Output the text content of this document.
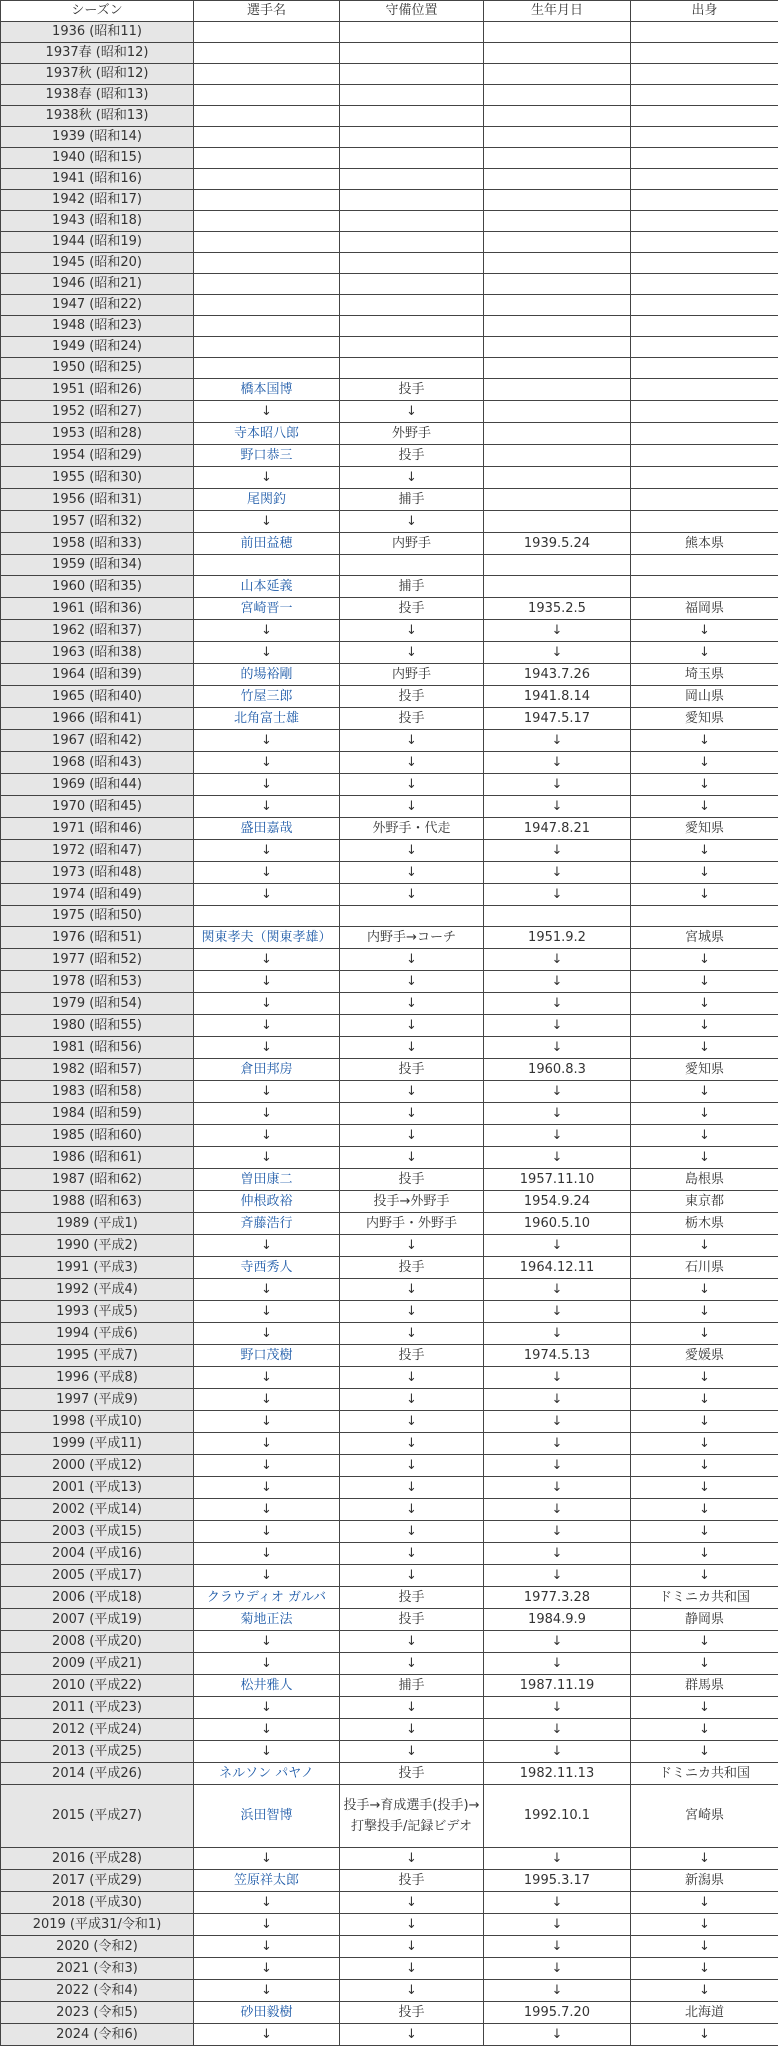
シーズン	選手名	守備位置	生年月日	出身
1936 (昭和11)				
1937春 (昭和12)				
1937秋 (昭和12)				
1938春 (昭和13)				
1938秋 (昭和13)				
1939 (昭和14)				
1940 (昭和15)				
1941 (昭和16)				
1942 (昭和17)				
1943 (昭和18)				
1944 (昭和19)				
1945 (昭和20)				
1946 (昭和21)				
1947 (昭和22)				
1948 (昭和23)				
1949 (昭和24)				
1950 (昭和25)				
1951 (昭和26)	橋本国博	投手		
1952 (昭和27)	↓	↓		
1953 (昭和28)	寺本昭八郎	外野手		
1954 (昭和29)	野口恭三	投手		
1955 (昭和30)	↓	↓		
1956 (昭和31)	尾関釣	捕手		
1957 (昭和32)	↓	↓		
1958 (昭和33)	前田益穂	内野手	1939.5.24	熊本県
1959 (昭和34)				
1960 (昭和35)	山本延義	捕手		
1961 (昭和36)	宮崎晋一	投手	1935.2.5	福岡県
1962 (昭和37)	↓	↓	↓	↓
1963 (昭和38)	↓	↓	↓	↓
1964 (昭和39)	的場裕剛	内野手	1943.7.26	埼玉県
1965 (昭和40)	竹屋三郎	投手	1941.8.14	岡山県
1966 (昭和41)	北角富士雄	投手	1947.5.17	愛知県
1967 (昭和42)	↓	↓	↓	↓
1968 (昭和43)	↓	↓	↓	↓
1969 (昭和44)	↓	↓	↓	↓
1970 (昭和45)	↓	↓	↓	↓
1971 (昭和46)	盛田嘉哉	外野手・代走	1947.8.21	愛知県
1972 (昭和47)	↓	↓	↓	↓
1973 (昭和48)	↓	↓	↓	↓
1974 (昭和49)	↓	↓	↓	↓
1975 (昭和50)				
1976 (昭和51)	関東孝夫（関東孝雄）	内野手→コーチ	1951.9.2	宮城県
1977 (昭和52)	↓	↓	↓	↓
1978 (昭和53)	↓	↓	↓	↓
1979 (昭和54)	↓	↓	↓	↓
1980 (昭和55)	↓	↓	↓	↓
1981 (昭和56)	↓	↓	↓	↓
1982 (昭和57)	倉田邦房	投手	1960.8.3	愛知県
1983 (昭和58)	↓	↓	↓	↓
1984 (昭和59)	↓	↓	↓	↓
1985 (昭和60)	↓	↓	↓	↓
1986 (昭和61)	↓	↓	↓	↓
1987 (昭和62)	曽田康二	投手	1957.11.10	島根県
1988 (昭和63)	仲根政裕	投手→外野手	1954.9.24	東京都
1989 (平成1)	斉藤浩行	内野手・外野手	1960.5.10	栃木県
1990 (平成2)	↓	↓	↓	↓
1991 (平成3)	寺西秀人	投手	1964.12.11	石川県
1992 (平成4)	↓	↓	↓	↓
1993 (平成5)	↓	↓	↓	↓
1994 (平成6)	↓	↓	↓	↓
1995 (平成7)	野口茂樹	投手	1974.5.13	愛媛県
1996 (平成8)	↓	↓	↓	↓
1997 (平成9)	↓	↓	↓	↓
1998 (平成10)	↓	↓	↓	↓
1999 (平成11)	↓	↓	↓	↓
2000 (平成12)	↓	↓	↓	↓
2001 (平成13)	↓	↓	↓	↓
2002 (平成14)	↓	↓	↓	↓
2003 (平成15)	↓	↓	↓	↓
2004 (平成16)	↓	↓	↓	↓
2005 (平成17)	↓	↓	↓	↓
2006 (平成18)	クラウディオ ガルバ	投手	1977.3.28	ドミニカ共和国
2007 (平成19)	菊地正法	投手	1984.9.9	静岡県
2008 (平成20)	↓	↓	↓	↓
2009 (平成21)	↓	↓	↓	↓
2010 (平成22)	松井雅人	捕手	1987.11.19	群馬県
2011 (平成23)	↓	↓	↓	↓
2012 (平成24)	↓	↓	↓	↓
2013 (平成25)	↓	↓	↓	↓
2014 (平成26)	ネルソン パヤノ	投手	1982.11.13	ドミニカ共和国
2015 (平成27)	浜田智博	投手→育成選手(投手)→打撃投手/記録ビデオ	1992.10.1	宮崎県
2016 (平成28)	↓	↓	↓	↓
2017 (平成29)	笠原祥太郎	投手	1995.3.17	新潟県
2018 (平成30)	↓	↓	↓	↓
2019 (平成31/令和1)	↓	↓	↓	↓
2020 (令和2)	↓	↓	↓	↓
2021 (令和3)	↓	↓	↓	↓
2022 (令和4)	↓	↓	↓	↓
2023 (令和5)	砂田毅樹	投手	1995.7.20	北海道
2024 (令和6)	↓	↓	↓	↓
